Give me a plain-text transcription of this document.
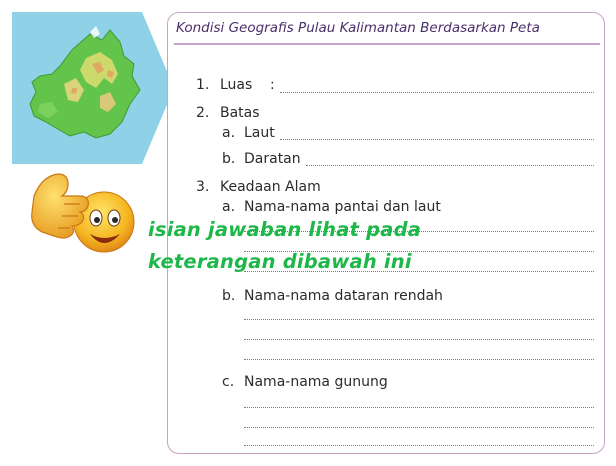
Kondisi Geografis Pulau Kalimantan Berdasarkan Peta
1. Luas :
2. Batas
a. Laut
b. Daratan
3. Keadaan Alam
a. Nama-nama pantai dan laut
b. Nama-nama dataran rendah
c. Nama-nama gunung
isian jawaban lihat pada
keterangan dibawah ini
